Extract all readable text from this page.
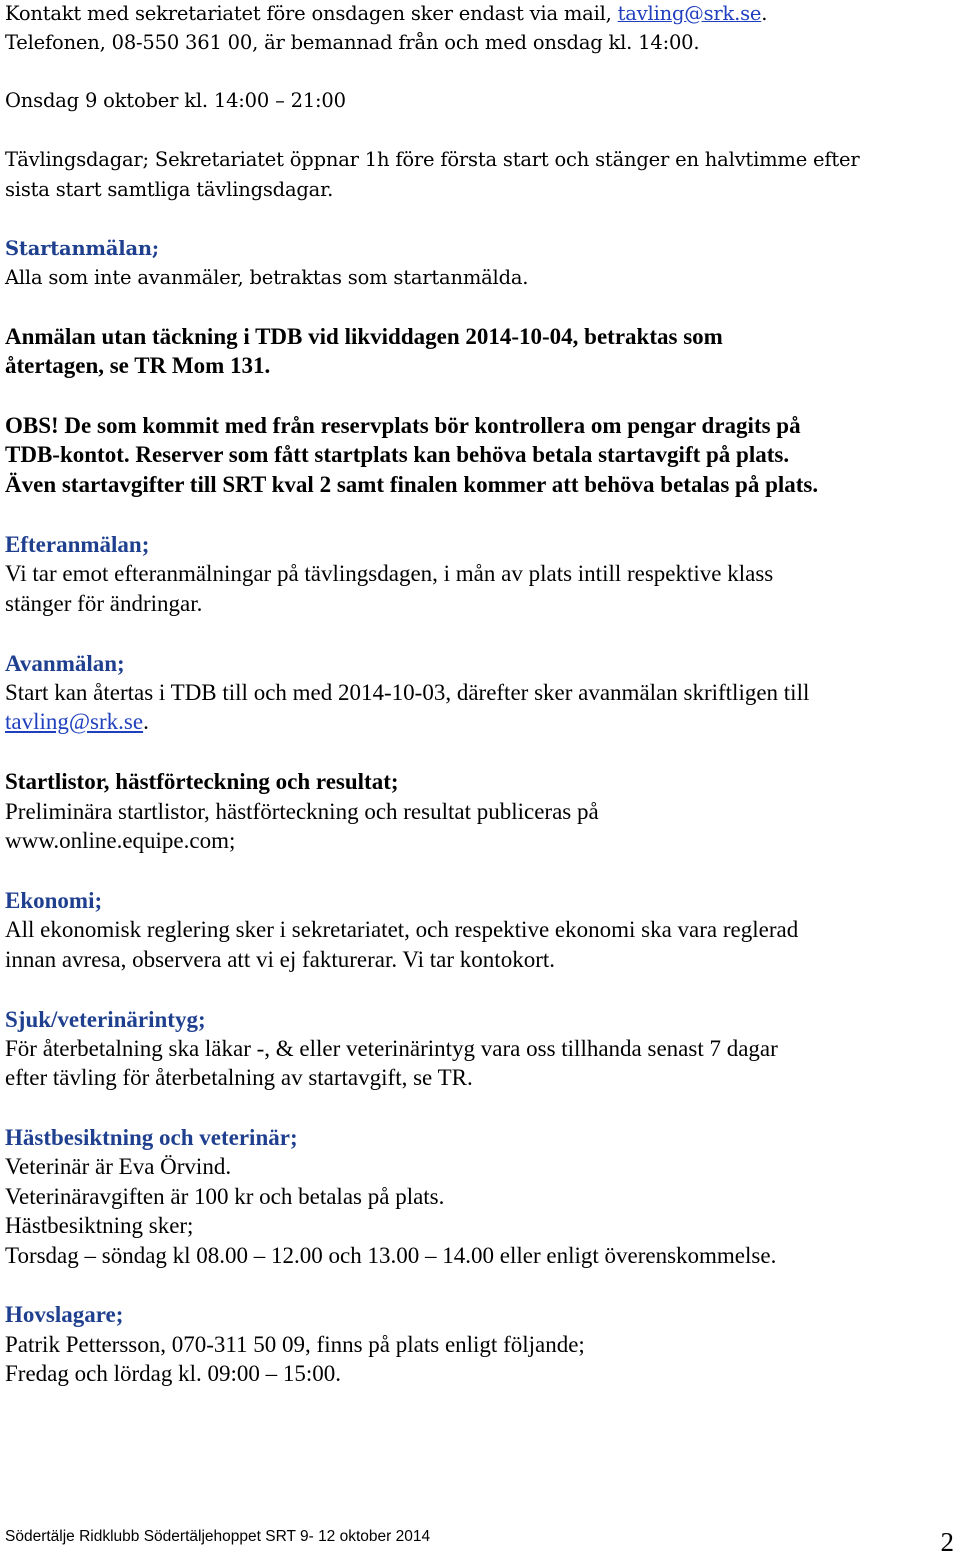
Kontakt med sekretariatet före onsdagen sker endast via mail, tavling@srk.se.

Telefonen, 08-550 361 00, är bemannad från och med onsdag kl. 14:00.

Onsdag 9 oktober kl. 14:00 – 21:00

Tävlingsdagar; Sekretariatet öppnar 1h före första start och stänger en halvtimme efter

sista start samtliga tävlingsdagar.

Startanmälan;

Alla som inte avanmäler, betraktas som startanmälda.

Anmälan utan täckning i TDB vid likviddagen 2014-10-04, betraktas som

återtagen, se TR Mom 131.

OBS! De som kommit med från reservplats bör kontrollera om pengar dragits på

TDB-kontot. Reserver som fått startplats kan behöva betala startavgift på plats.

Även startavgifter till SRT kval 2 samt finalen kommer att behöva betalas på plats.

Efteranmälan;

Vi tar emot efteranmälningar på tävlingsdagen, i mån av plats intill respektive klass

stänger för ändringar.

Avanmälan;

Start kan återtas i TDB till och med 2014-10-03, därefter sker avanmälan skriftligen till

tavling@srk.se.

Startlistor, hästförteckning och resultat;

Preliminära startlistor, hästförteckning och resultat publiceras på

www.online.equipe.com;

Ekonomi;

All ekonomisk reglering sker i sekretariatet, och respektive ekonomi ska vara reglerad

innan avresa, observera att vi ej fakturerar. Vi tar kontokort.

Sjuk/veterinärintyg;

För återbetalning ska läkar -, & eller veterinärintyg vara oss tillhanda senast 7 dagar

efter tävling för återbetalning av startavgift, se TR.

Hästbesiktning och veterinär;

Veterinär är Eva Örvind.

Veterinäravgiften är 100 kr och betalas på plats.

Hästbesiktning sker;

Torsdag – söndag kl 08.00 – 12.00 och 13.00 – 14.00 eller enligt överenskommelse.

Hovslagare;

Patrik Pettersson, 070-311 50 09, finns på plats enligt följande;

Fredag och lördag kl. 09:00 – 15:00.

Södertälje Ridklubb Södertäljehoppet SRT 9- 12 oktober 2014	2
